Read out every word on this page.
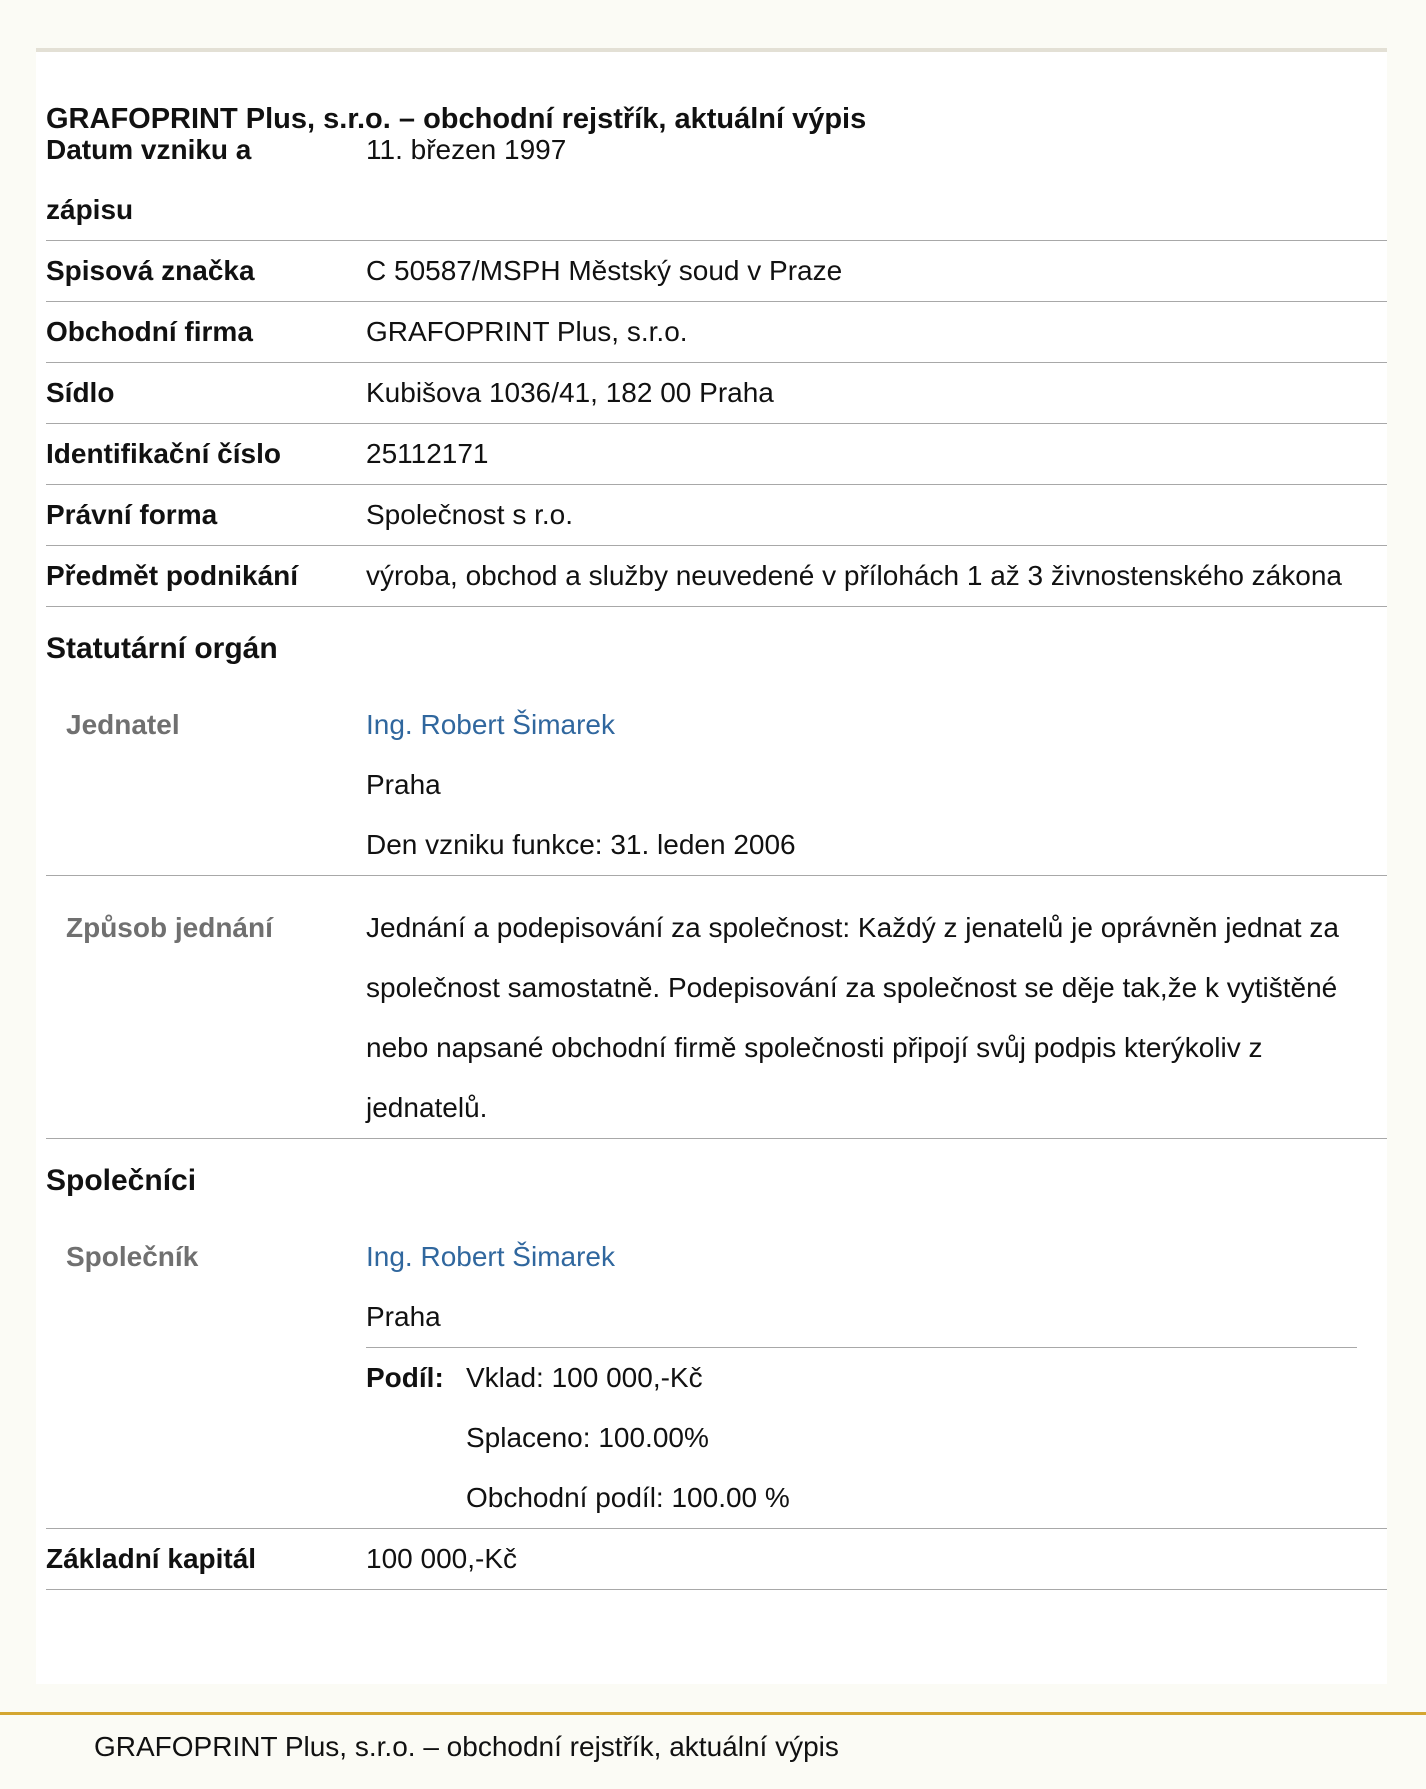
GRAFOPRINT Plus, s.r.o. – obchodní rejstřík, aktuální výpis
Datum vzniku a zápisu
11. březen 1997
Spisová značka	C 50587/MSPH Městský soud v Praze
Obchodní firma	GRAFOPRINT Plus, s.r.o.
Sídlo	Kubišova 1036/41, 182 00 Praha
Identifikační číslo	25112171
Právní forma	Společnost s r.o.
Předmět podnikání	výroba, obchod a služby neuvedené v přílohách 1 až 3 živnostenského zákona
Statutární orgán
Jednatel	Ing. Robert Šimarek
Praha
Den vzniku funkce: 31. leden 2006
Způsob jednání	Jednání a podepisování za společnost: Každý z jenatelů je oprávněn jednat za společnost samostatně. Podepisování za společnost se děje tak,že k vytištěné nebo napsané obchodní firmě společnosti připojí svůj podpis kterýkoliv z jednatelů.
Společníci
Společník	Ing. Robert Šimarek
Praha
Podíl: Vklad: 100 000,-Kč
Splaceno: 100.00%
Obchodní podíl: 100.00 %
Základní kapitál	100 000,-Kč
GRAFOPRINT Plus, s.r.o. – obchodní rejstřík, aktuální výpis
